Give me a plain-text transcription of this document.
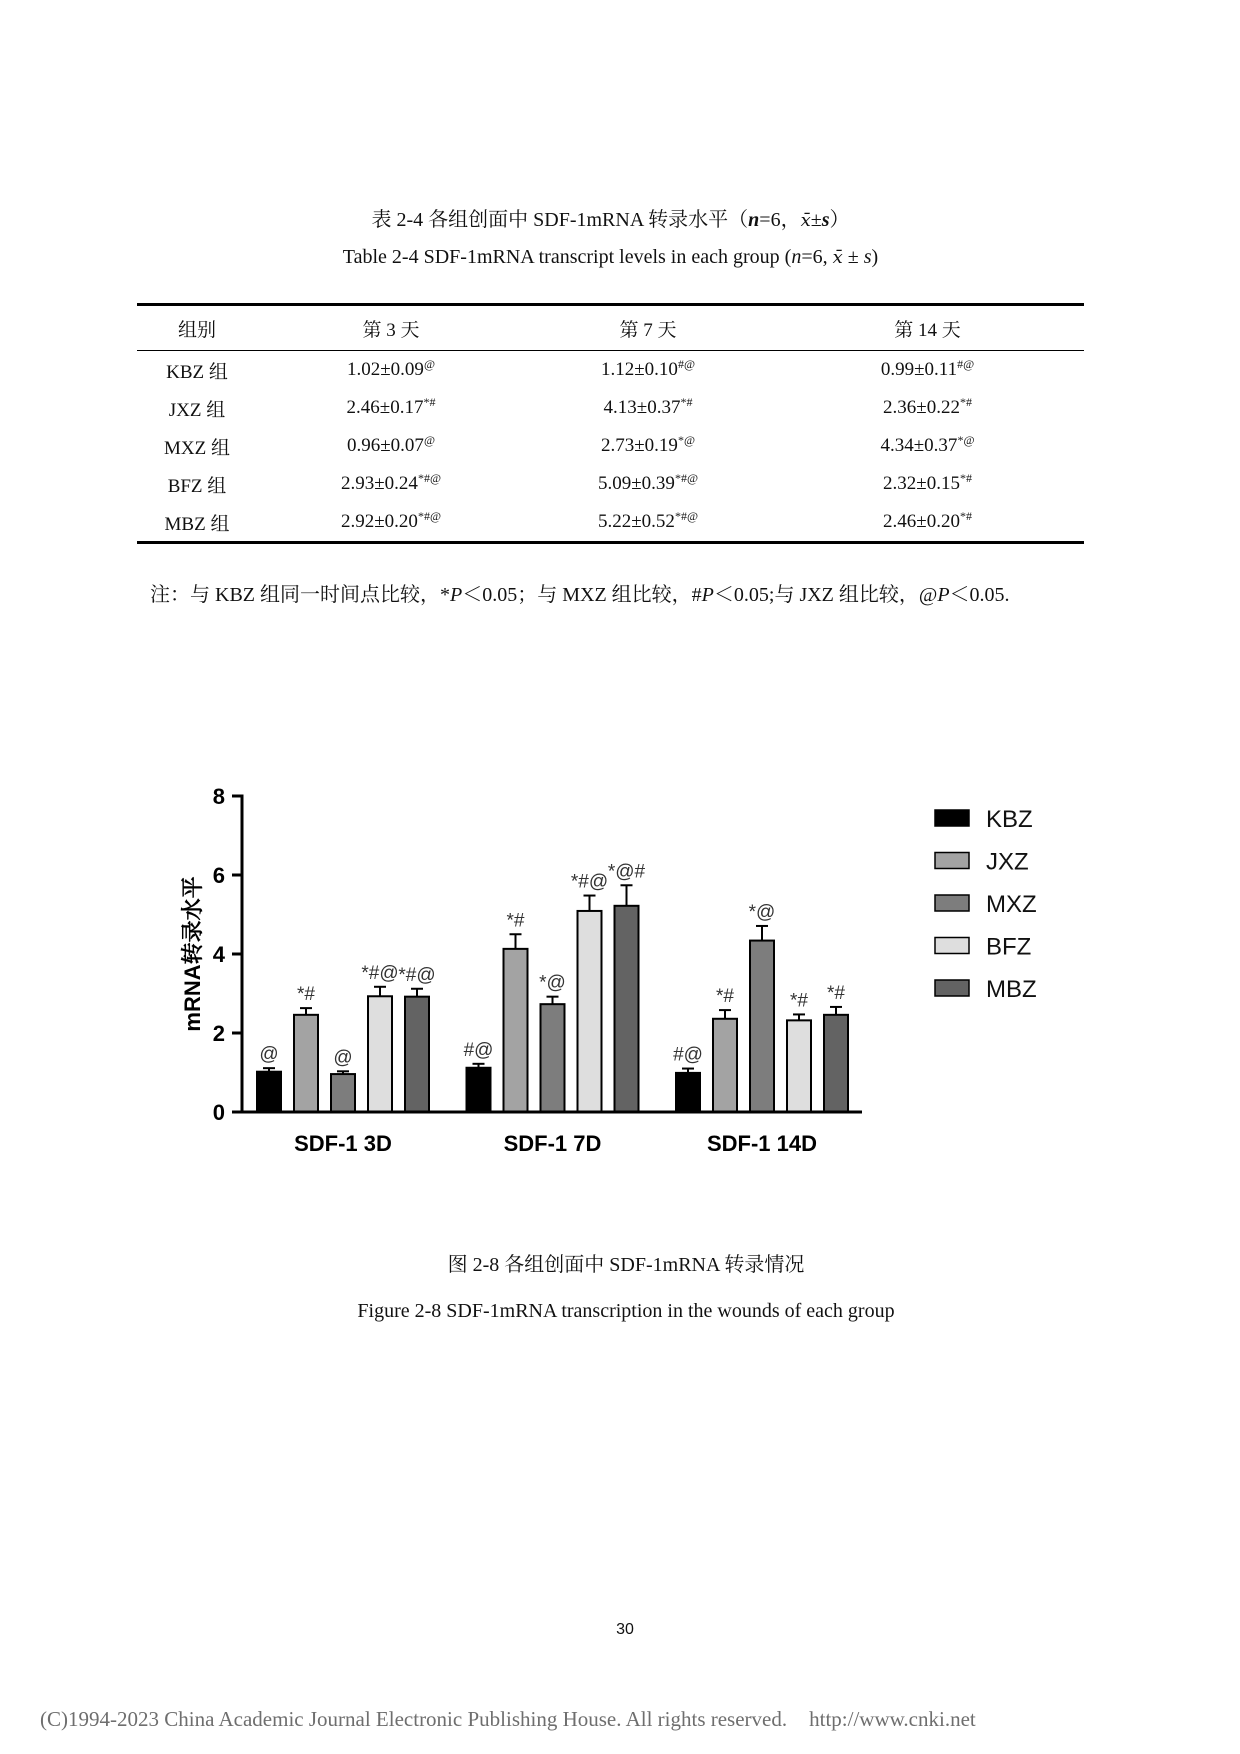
表 2-4 各组创面中 SDF-1mRNA 转录水平（n=6，x̄±s）
Table 2-4 SDF-1mRNA transcript levels in each group (n=6, x̄ ± s)
组别	第 3 天	第 7 天	第 14 天
KBZ 组	1.02±0.09@	1.12±0.10#@	0.99±0.11#@
JXZ 组	2.46±0.17*#	4.13±0.37*#	2.36±0.22*#
MXZ 组	0.96±0.07@	2.73±0.19*@	4.34±0.37*@
BFZ 组	2.93±0.24*#@	5.09±0.39*#@	2.32±0.15*#
MBZ 组	2.92±0.20*#@	5.22±0.52*#@	2.46±0.20*#
注：与 KBZ 组同一时间点比较，*P＜0.05；与 MXZ 组比较，#P＜0.05;与 JXZ 组比较，@P＜0.05.
@
*#
@
*#@ *#@
SDF-1 3D
#@
*#
*@
*#@ *@#
SDF-1 7D
#@
*#
*@
*# *#
SDF-1 14D
0
2
4
6
8
mRNA转录水平
KBZ
JXZ
MXZ
BFZ
MBZ
图 2-8 各组创面中 SDF-1mRNA 转录情况
Figure 2-8 SDF-1mRNA transcription in the wounds of each group
30
(C)1994-2023 China Academic Journal Electronic Publishing House. All rights reserved. http://www.cnki.net
